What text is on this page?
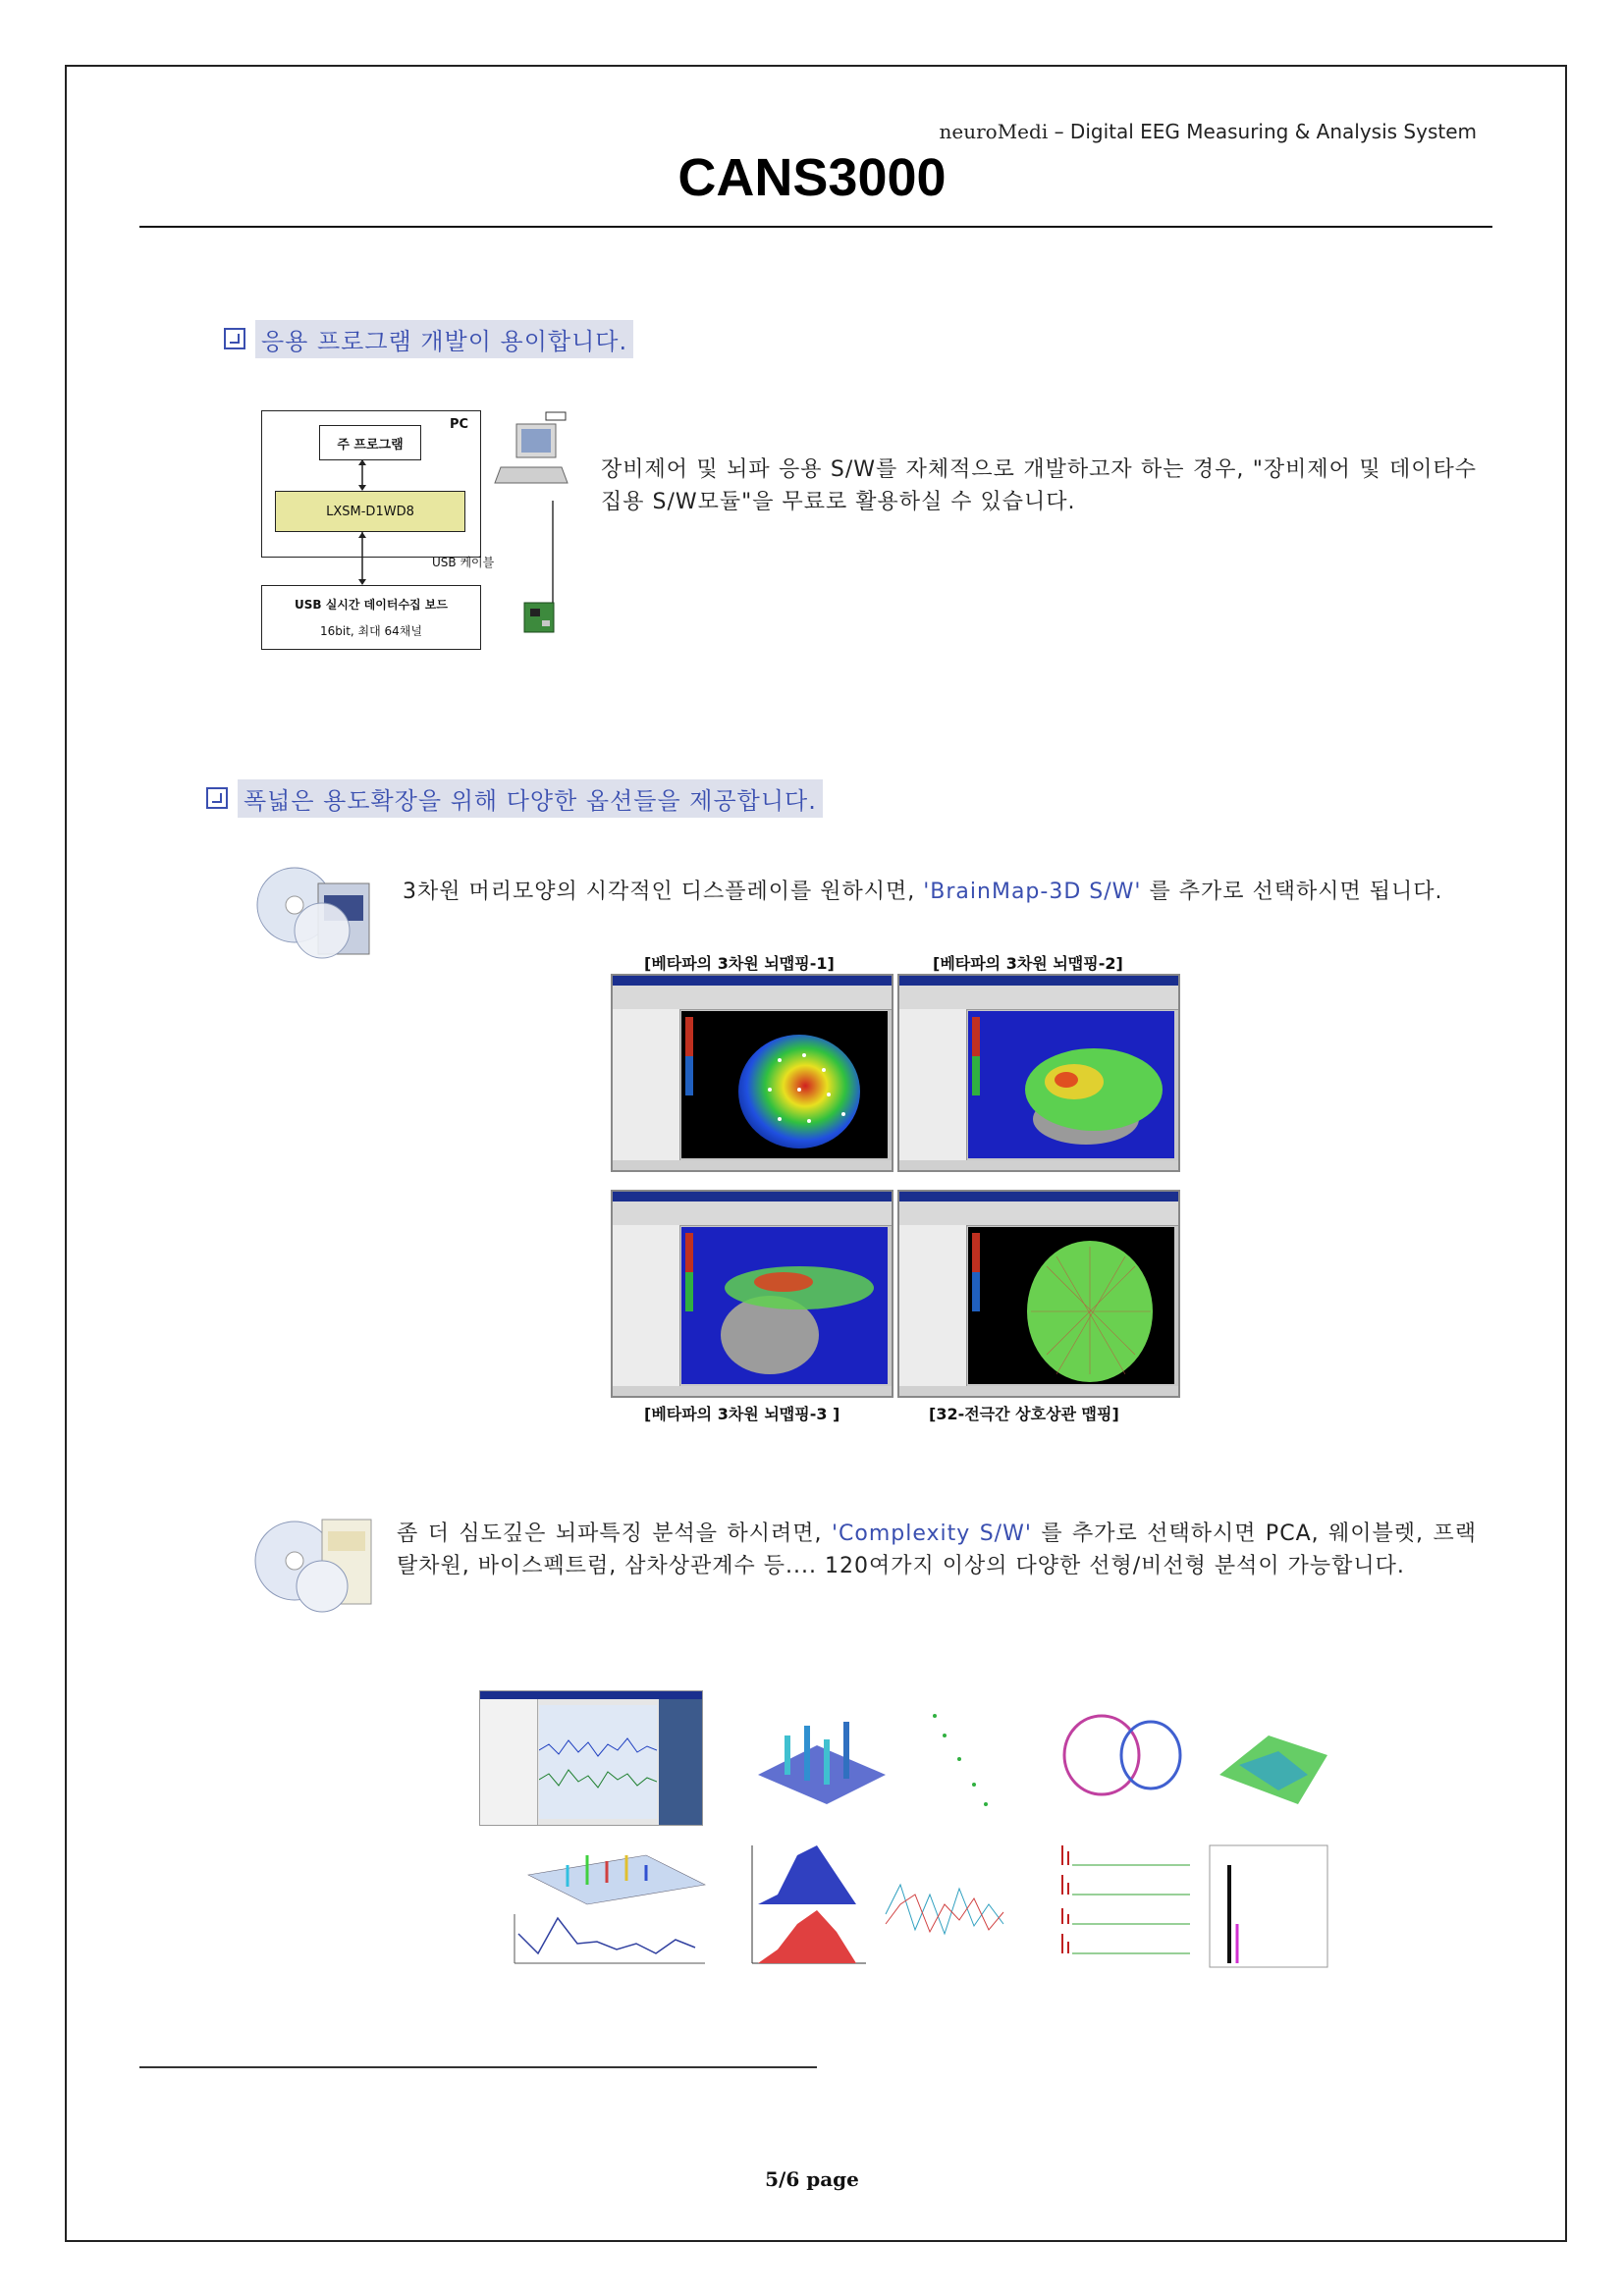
neuroMedi – Digital EEG Measuring & Analysis System
CANS3000
응용 프로그램 개발이 용이합니다.
PC
주 프로그램
LXSM-D1WD8
USB 케이블
USB 실시간 데이터수집 보드
16bit, 최대 64채널
장비제어 및 뇌파 응용 S/W를 자체적으로 개발하고자 하는 경우, "장비제어 및 데이타수집용 S/W모듈"을 무료로 활용하실 수 있습니다.
폭넓은 용도확장을 위해 다양한 옵션들을 제공합니다.
3차원 머리모양의 시각적인 디스플레이를 원하시면, 'BrainMap-3D S/W' 를 추가로 선택하시면 됩니다.
[베타파의 3차원 뇌맵핑-1]	[베타파의 3차원 뇌맵핑-2]
[베타파의 3차원 뇌맵핑-3 ]	[32-전극간 상호상관 맵핑]
좀 더 심도깊은 뇌파특징 분석을 하시려면, 'Complexity S/W' 를 추가로 선택하시면 PCA, 웨이블렛, 프랙탈차원, 바이스펙트럼, 삼차상관계수 등.... 120여가지 이상의 다양한 선형/비선형 분석이 가능합니다.
5/6 page
